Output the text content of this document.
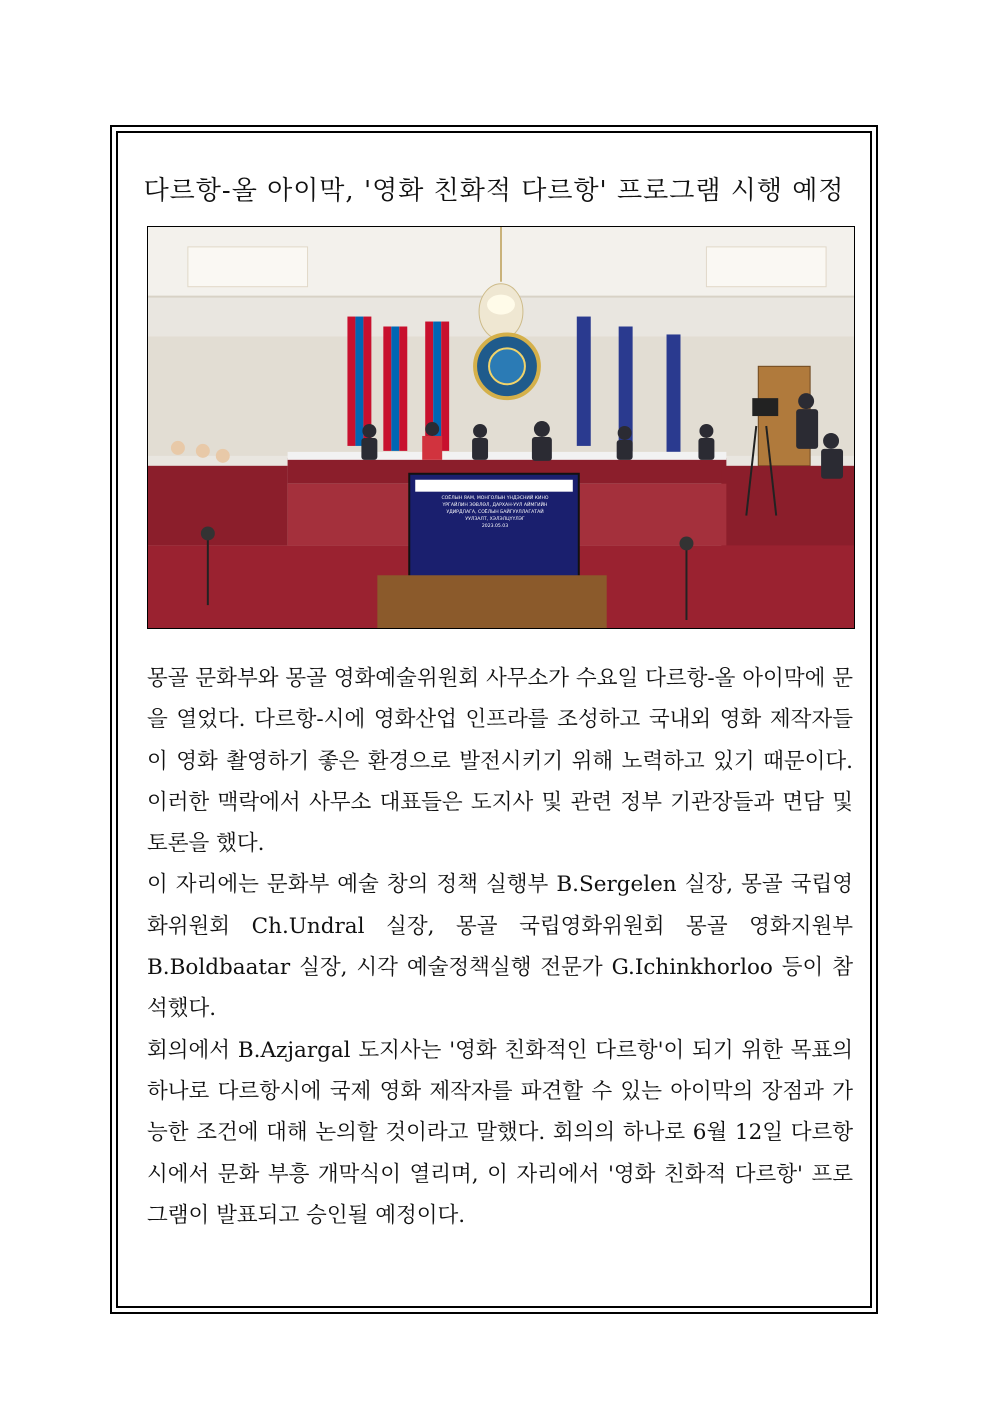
다르항-올 아이막, '영화 친화적 다르항' 프로그램 시행 예정
СОЁЛЫН ЯАМ, МОНГОЛЫН ҮНДЭСНИЙ КИНО
ҮРГАЙЛИН ЗӨВЛӨЛ, ДАРХАН-УУЛ АЙМГИЙН
УДИРДЛАГА, СОЁЛЫН БАЙГУУЛЛАГАТАЙ
УУЛЗАЛТ, ХЭЛЭЛЦҮҮЛЭГ
2023.05.03

몽골 문화부와 몽골 영화예술위원회 사무소가 수요일 다르항-올 아이막에 문을 열었다. 다르항-시에 영화산업 인프라를 조성하고 국내외 영화 제작자들이 영화 촬영하기 좋은 환경으로 발전시키기 위해 노력하고 있기 때문이다. 이러한 맥락에서 사무소 대표들은 도지사 및 관련 정부 기관장들과 면담 및 토론을 했다.

이 자리에는 문화부 예술 창의 정책 실행부 B.Sergelen 실장, 몽골 국립영화위원회 Ch.Undral 실장, 몽골 국립영화위원회 몽골 영화지원부 B.Boldbaatar 실장, 시각 예술정책실행 전문가 G.Ichinkhorloo 등이 참석했다.

회의에서 B.Azjargal 도지사는 '영화 친화적인 다르항'이 되기 위한 목표의 하나로 다르항시에 국제 영화 제작자를 파견할 수 있는 아이막의 장점과 가능한 조건에 대해 논의할 것이라고 말했다. 회의의 하나로 6월 12일 다르항시에서 문화 부흥 개막식이 열리며, 이 자리에서 '영화 친화적 다르항' 프로그램이 발표되고 승인될 예정이다.
